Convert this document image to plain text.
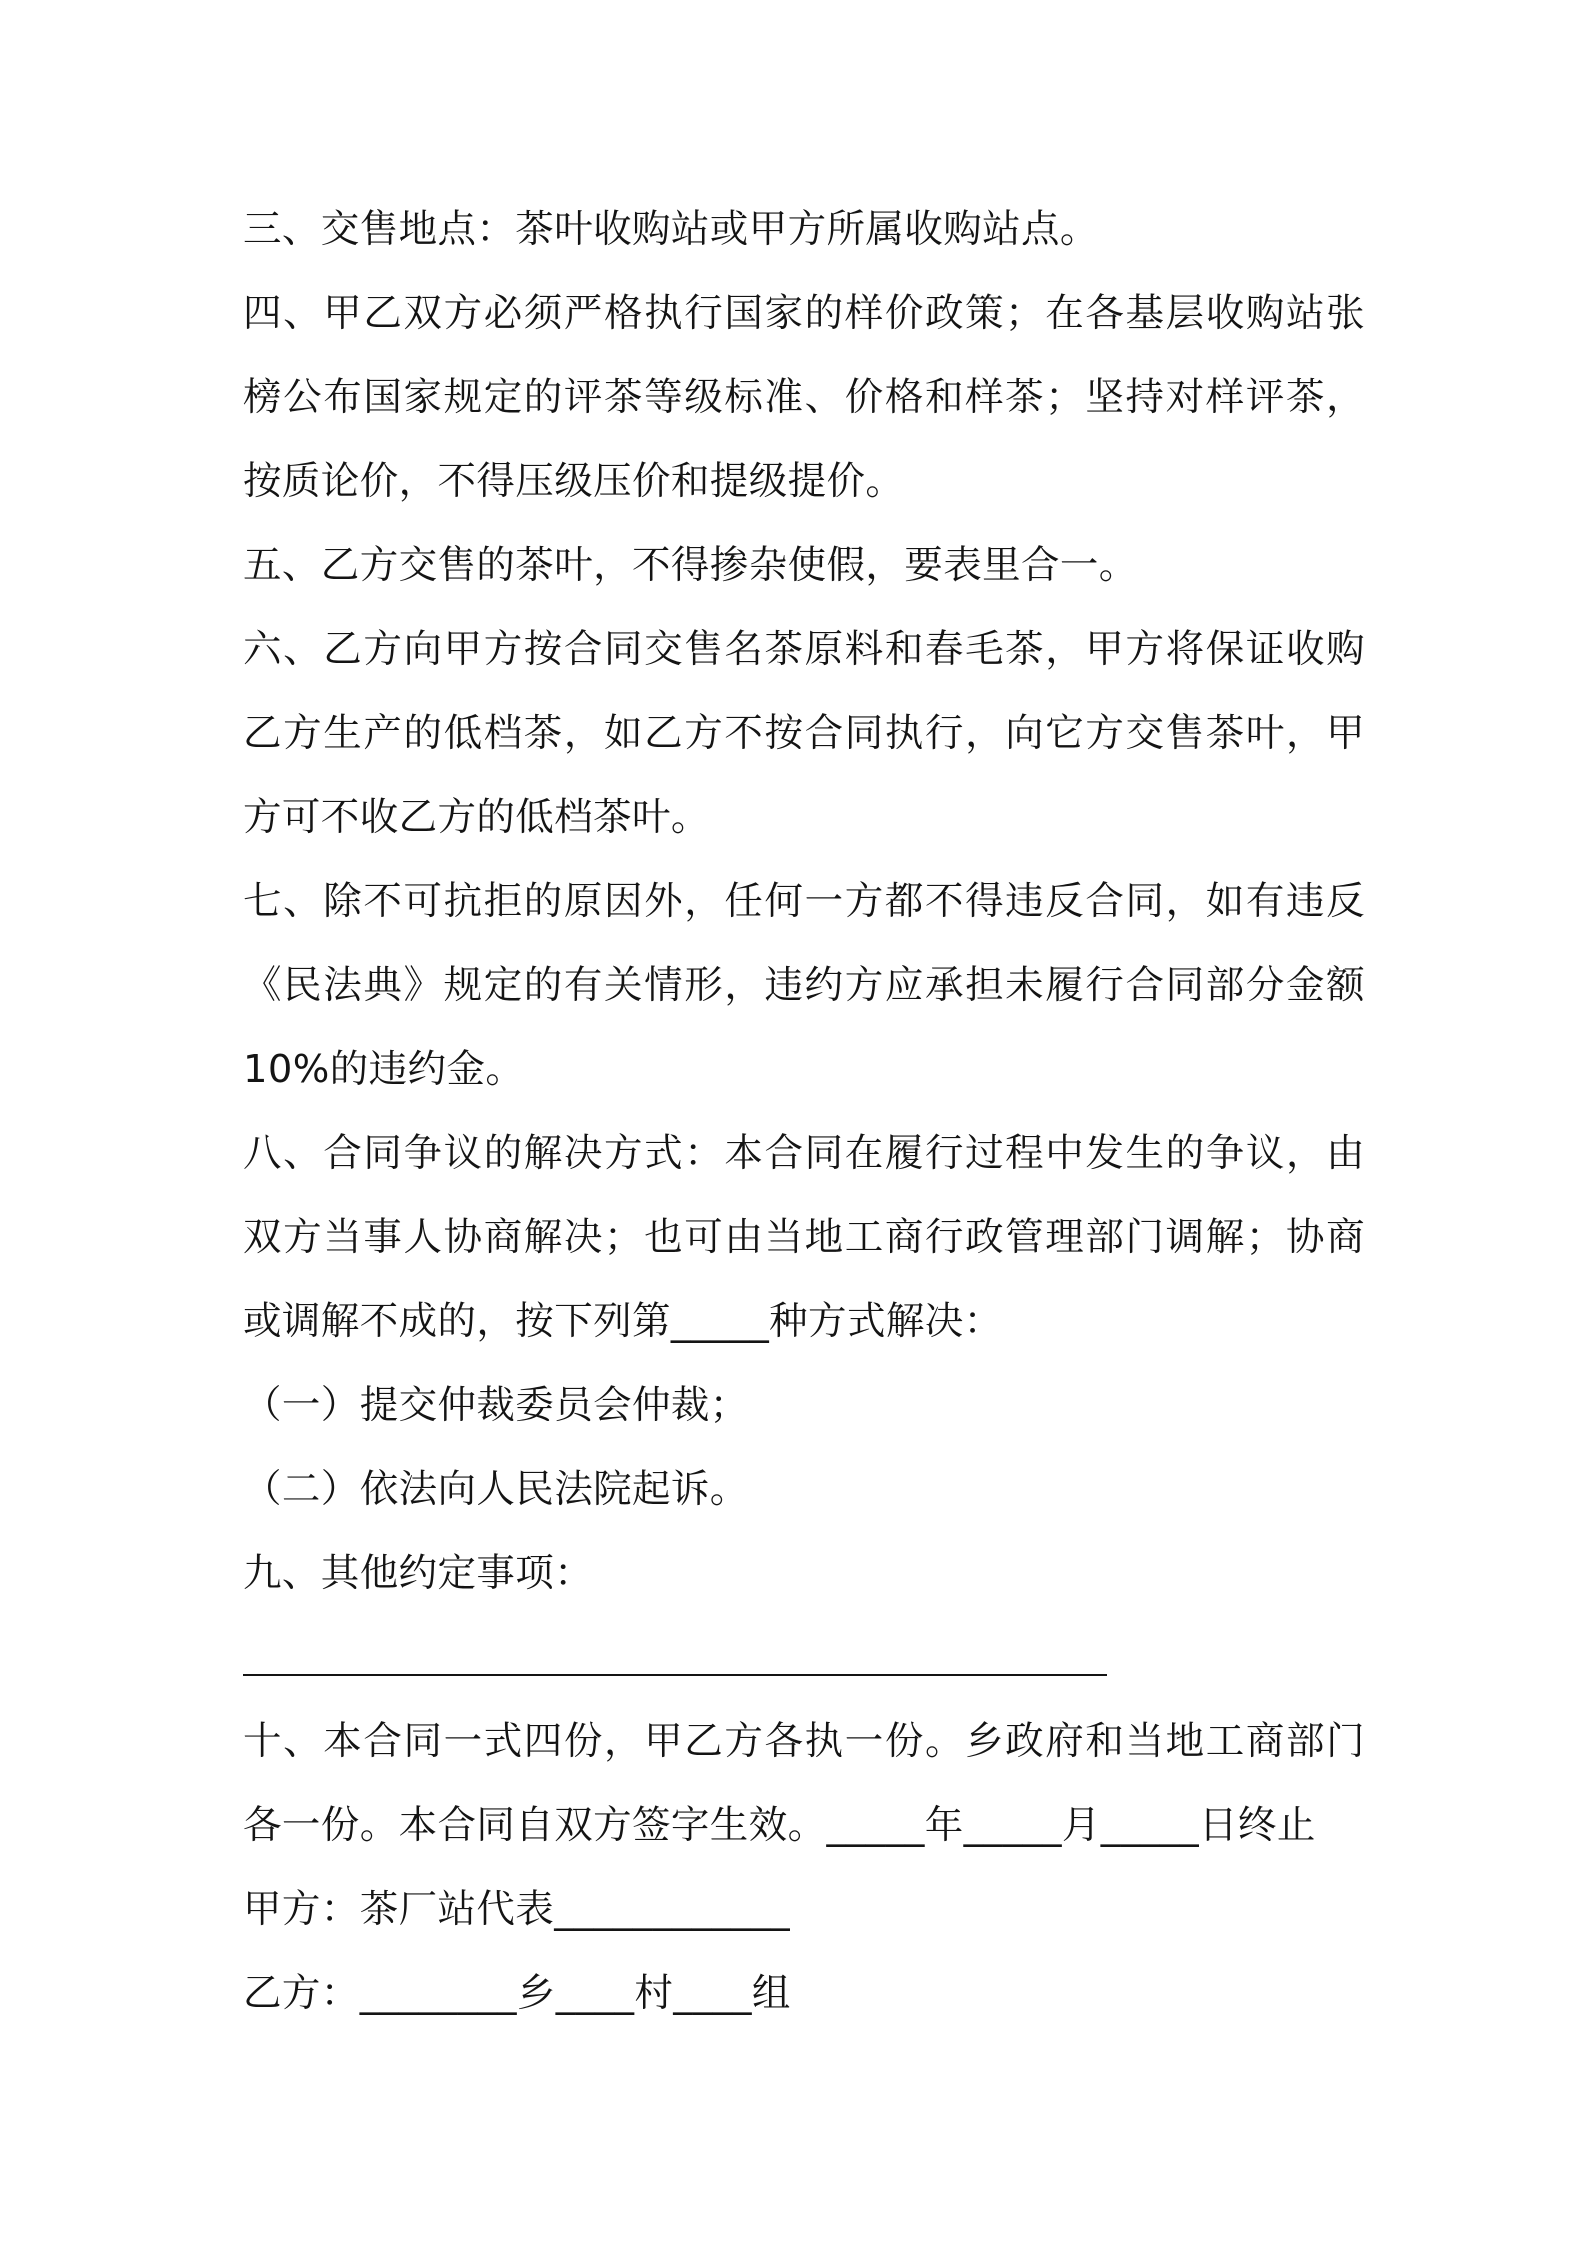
三、交售地点：茶叶收购站或甲方所属收购站点。

四、甲乙双方必须严格执行国家的样价政策；在各基层收购站张榜公布国家规定的评茶等级标准、价格和样茶；坚持对样评茶，按质论价，不得压级压价和提级提价。

五、乙方交售的茶叶，不得掺杂使假，要表里合一。

六、乙方向甲方按合同交售名茶原料和春毛茶，甲方将保证收购乙方生产的低档茶，如乙方不按合同执行，向它方交售茶叶，甲方可不收乙方的低档茶叶。

七、除不可抗拒的原因外，任何一方都不得违反合同，如有违反《民法典》规定的有关情形，违约方应承担未履行合同部分金额 10%的违约金。

八、合同争议的解决方式：本合同在履行过程中发生的争议，由双方当事人协商解决；也可由当地工商行政管理部门调解；协商或调解不成的，按下列第_____种方式解决：

（一）提交仲裁委员会仲裁；

（二）依法向人民法院起诉。

九、其他约定事项：

十、本合同一式四份，甲乙方各执一份。乡政府和当地工商部门各一份。本合同自双方签字生效。_____年_____月_____日终止

甲方：茶厂站代表____________

乙方：________乡____村____组
